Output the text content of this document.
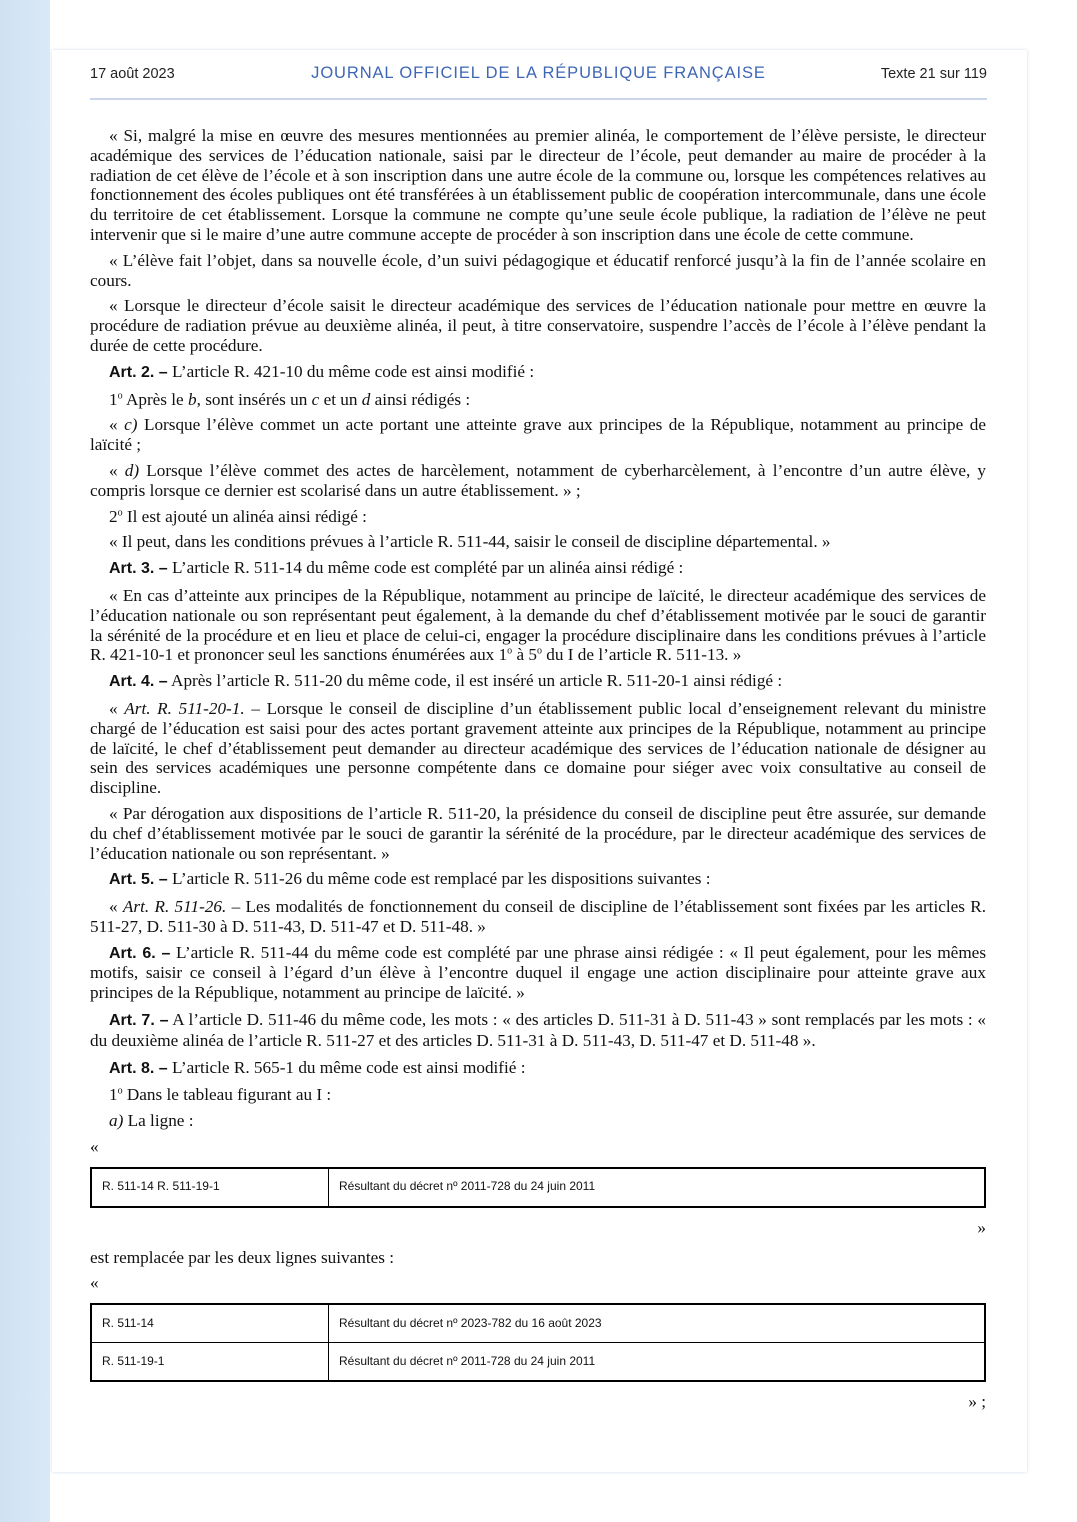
17 août 2023	JOURNAL OFFICIEL DE LA RÉPUBLIQUE FRANÇAISE	Texte 21 sur 119

« Si, malgré la mise en œuvre des mesures mentionnées au premier alinéa, le comportement de l’élève persiste, le directeur académique des services de l’éducation nationale, saisi par le directeur de l’école, peut demander au maire de procéder à la radiation de cet élève de l’école et à son inscription dans une autre école de la commune ou, lorsque les compétences relatives au fonctionnement des écoles publiques ont été transférées à un établissement public de coopération intercommunale, dans une école du territoire de cet établissement. Lorsque la commune ne compte qu’une seule école publique, la radiation de l’élève ne peut intervenir que si le maire d’une autre commune accepte de procéder à son inscription dans une école de cette commune.

« L’élève fait l’objet, dans sa nouvelle école, d’un suivi pédagogique et éducatif renforcé jusqu’à la fin de l’année scolaire en cours.

« Lorsque le directeur d’école saisit le directeur académique des services de l’éducation nationale pour mettre en œuvre la procédure de radiation prévue au deuxième alinéa, il peut, à titre conservatoire, suspendre l’accès de l’école à l’élève pendant la durée de cette procédure.

Art. 2. – L’article R. 421-10 du même code est ainsi modifié :

1$^o$ Après le b, sont insérés un c et un d ainsi rédigés :

« c) Lorsque l’élève commet un acte portant une atteinte grave aux principes de la République, notamment au principe de laïcité ;

« d) Lorsque l’élève commet des actes de harcèlement, notamment de cyberharcèlement, à l’encontre d’un autre élève, y compris lorsque ce dernier est scolarisé dans un autre établissement. » ;

2$^o$ Il est ajouté un alinéa ainsi rédigé :

« Il peut, dans les conditions prévues à l’article R. 511-44, saisir le conseil de discipline départemental. »

Art. 3. – L’article R. 511-14 du même code est complété par un alinéa ainsi rédigé :

« En cas d’atteinte aux principes de la République, notamment au principe de laïcité, le directeur académique des services de l’éducation nationale ou son représentant peut également, à la demande du chef d’établissement motivée par le souci de garantir la sérénité de la procédure et en lieu et place de celui-ci, engager la procédure disciplinaire dans les conditions prévues à l’article R. 421-10-1 et prononcer seul les sanctions énumérées aux 1$^o$ à 5$^o$ du I de l’article R. 511-13. »

Art. 4. – Après l’article R. 511-20 du même code, il est inséré un article R. 511-20-1 ainsi rédigé :

« Art. R. 511-20-1. – Lorsque le conseil de discipline d’un établissement public local d’enseignement relevant du ministre chargé de l’éducation est saisi pour des actes portant gravement atteinte aux principes de la République, notamment au principe de laïcité, le chef d’établissement peut demander au directeur académique des services de l’éducation nationale de désigner au sein des services académiques une personne compétente dans ce domaine pour siéger avec voix consultative au conseil de discipline.

« Par dérogation aux dispositions de l’article R. 511-20, la présidence du conseil de discipline peut être assurée, sur demande du chef d’établissement motivée par le souci de garantir la sérénité de la procédure, par le directeur académique des services de l’éducation nationale ou son représentant. »

Art. 5. – L’article R. 511-26 du même code est remplacé par les dispositions suivantes :

« Art. R. 511-26. – Les modalités de fonctionnement du conseil de discipline de l’établissement sont fixées par les articles R. 511-27, D. 511-30 à D. 511-43, D. 511-47 et D. 511-48. »

Art. 6. – L’article R. 511-44 du même code est complété par une phrase ainsi rédigée : « Il peut également, pour les mêmes motifs, saisir ce conseil à l’égard d’un élève à l’encontre duquel il engage une action disciplinaire pour atteinte grave aux principes de la République, notamment au principe de laïcité. »

Art. 7. – A l’article D. 511-46 du même code, les mots : « des articles D. 511-31 à D. 511-43 » sont remplacés par les mots : « du deuxième alinéa de l’article R. 511-27 et des articles D. 511-31 à D. 511-43, D. 511-47 et D. 511-48 ».

Art. 8. – L’article R. 565-1 du même code est ainsi modifié :

1$^o$ Dans le tableau figurant au I :

a) La ligne :

«

R. 511-14 R. 511-19-1	Résultant du décret nº 2011-728 du 24 juin 2011

»

est remplacée par les deux lignes suivantes :

«

R. 511-14	Résultant du décret nº 2023-782 du 16 août 2023
R. 511-19-1	Résultant du décret nº 2011-728 du 24 juin 2011

» ;
